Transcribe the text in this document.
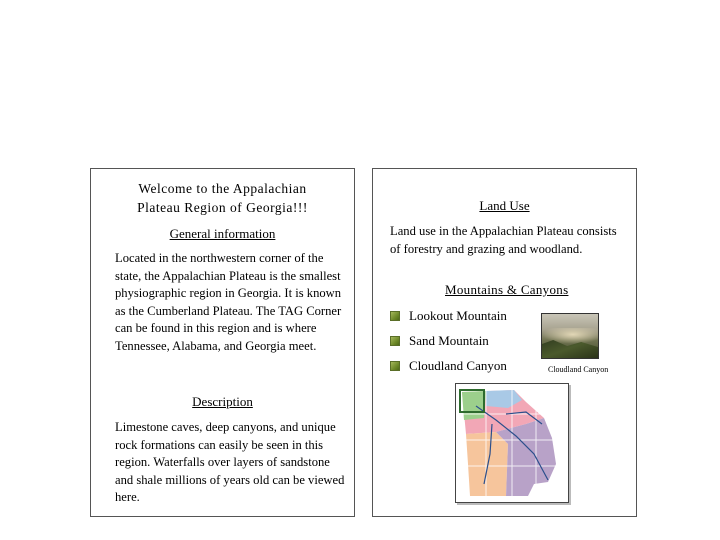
Welcome to the Appalachian
Plateau Region of Georgia!!!
General information
Located in the northwestern corner of the state, the Appalachian Plateau is the smallest physiographic region in Georgia. It is known as the Cumberland Plateau. The TAG Corner can be found in this region and is where Tennessee, Alabama, and Georgia meet.
Description
Limestone caves, deep canyons, and unique rock formations can easily be seen in this region. Waterfalls over layers of sandstone and shale millions of years old can be viewed here.
Land Use
Land use in the Appalachian Plateau consists of forestry and grazing and woodland.
Mountains & Canyons
Lookout Mountain
Sand Mountain
Cloudland Canyon	Cloudland Canyon
